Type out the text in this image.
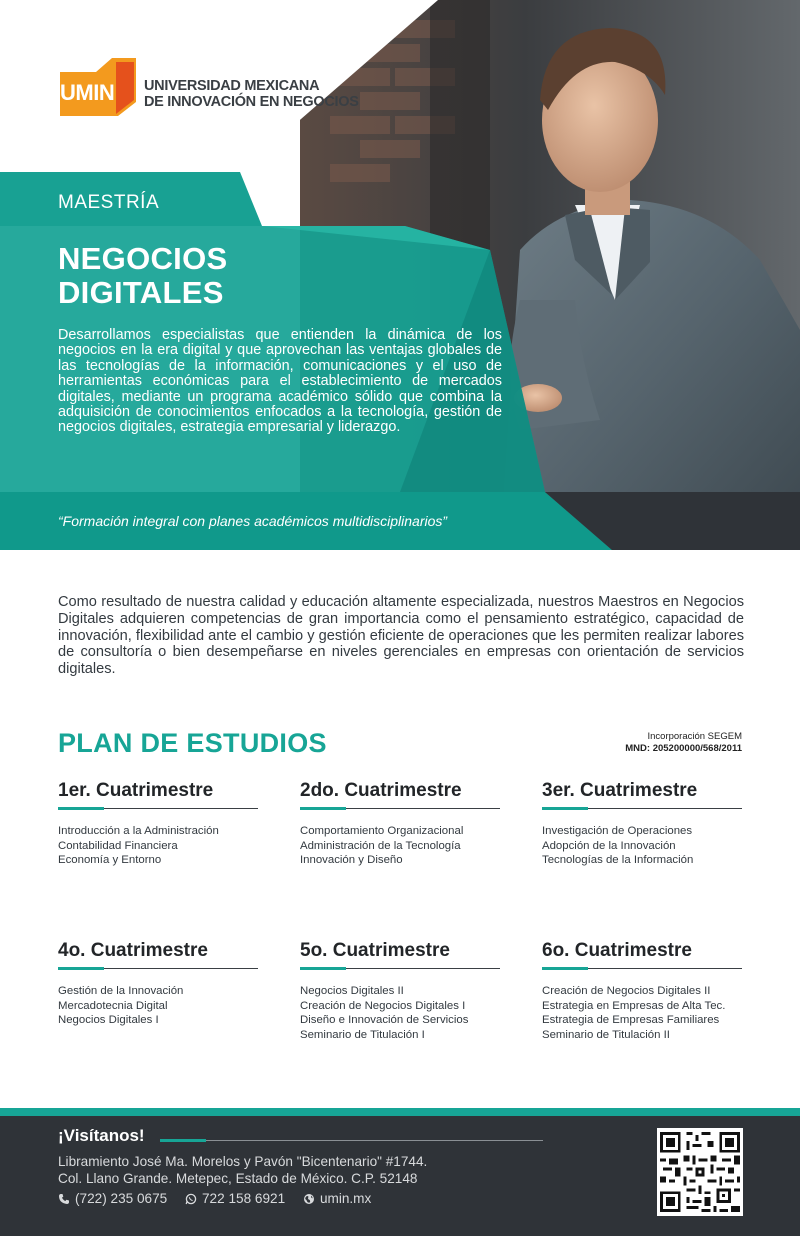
UMIN UNIVERSIDAD MEXICANA
DE INNOVACIÓN EN NEGOCIOS
MAESTRÍA
NEGOCIOS
DIGITALES

Desarrollamos especialistas que entienden la dinámica de los negocios en la era digital y que aprovechan las ventajas globales de las tecnologías de la información, comunicaciones y el uso de herramientas económicas para el establecimiento de mercados digitales, mediante un programa académico sólido que combina la adquisición de conocimientos enfocados a la tecnología, gestión de negocios digitales, estrategia empresarial y liderazgo.

“Formación integral con planes académicos multidisciplinarios”

Como resultado de nuestra calidad y educación altamente especializada, nuestros Maestros en Negocios Digitales adquieren competencias de gran importancia como el pensamiento estratégico, capacidad de innovación, flexibilidad ante el cambio y gestión eficiente de operaciones que les permiten realizar labores de consultoría o bien desempeñarse en niveles gerenciales en empresas con orientación de servicios digitales.

PLAN DE ESTUDIOS	Incorporación SEGEM
MND: 205200000/568/2011
1er. Cuatrimestre
Introducción a la Administración
Contabilidad Financiera
Economía y Entorno
2do. Cuatrimestre
Comportamiento Organizacional
Administración de la Tecnología
Innovación y Diseño
3er. Cuatrimestre
Investigación de Operaciones
Adopción de la Innovación
Tecnologías de la Información
4o. Cuatrimestre
Gestión de la Innovación
Mercadotecnia Digital
Negocios Digitales I
5o. Cuatrimestre
Negocios Digitales II
Creación de Negocios Digitales I
Diseño e Innovación de Servicios
Seminario de Titulación I
6o. Cuatrimestre
Creación de Negocios Digitales II
Estrategia en Empresas de Alta Tec.
Estrategia de Empresas Familiares
Seminario de Titulación II
¡Visítanos!
Libramiento José Ma. Morelos y Pavón "Bicentenario" #1744.
Col. Llano Grande. Metepec, Estado de México. C.P. 52148
(722) 235 0675	722 158 6921	umin.mx
